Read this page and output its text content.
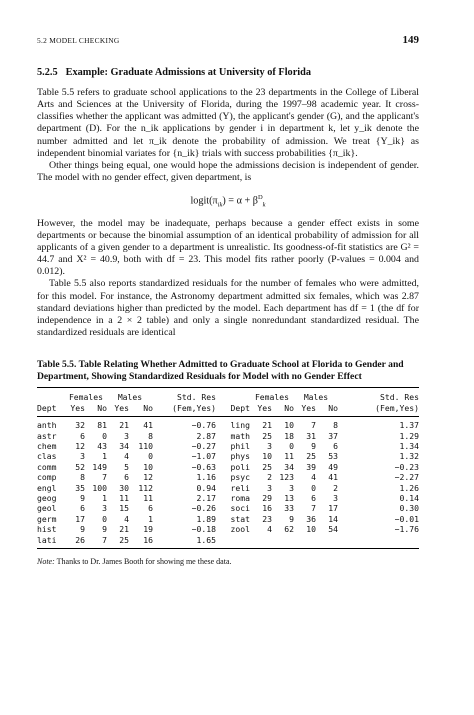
5.2 MODEL CHECKING	149
5.2.5 Example: Graduate Admissions at University of Florida

Table 5.5 refers to graduate school applications to the 23 departments in the College of Liberal Arts and Sciences at the University of Florida, during the 1997–98 academic year. It cross-classifies whether the applicant was admitted (Y), the applicant's gender (G), and the applicant's department (D). For the n_ik applications by gender i in department k, let y_ik denote the number admitted and let π_ik denote the probability of admission. We treat {Y_ik} as independent binomial variates for {n_ik} trials with success probabilities {π_ik}.

Other things being equal, one would hope the admissions decision is independent of gender. The model with no gender effect, given department, is

$logit(\pi_{ik}) = \alpha + \beta^D_k$

However, the model may be inadequate, perhaps because a gender effect exists in some departments or because the binomial assumption of an identical probability of admission for all applicants of a given gender to a department is unrealistic. Its goodness-of-fit statistics are G² = 44.7 and X² = 40.9, both with df = 23. This model fits rather poorly (P-values = 0.004 and 0.012).

Table 5.5 also reports standardized residuals for the number of females who were admitted, for this model. For instance, the Astronomy department admitted six females, which was 2.87 standard deviations higher than predicted by the model. Each department has df = 1 (the df for independence in a 2 × 2 table) and only a single nonredundant standardized residual. The standardized residuals are identical

Table 5.5. Table Relating Whether Admitted to Graduate School at Florida to Gender and Department, Showing Standardized Residuals for Model with no Gender Effect
	Females		Males		Std. Res		Females		Males		Std. Res
Dept	Yes	No	Yes	No	(Fem,Yes)	Dept	Yes	No	Yes	No	(Fem,Yes)
anth	32	81	21	41	−0.76	ling	21	10	7	8	1.37
astr	6	0	3	8	2.87	math	25	18	31	37	1.29
chem	12	43	34	110	−0.27	phil	3	0	9	6	1.34
clas	3	1	4	0	−1.07	phys	10	11	25	53	1.32
comm	52	149	5	10	−0.63	poli	25	34	39	49	−0.23
comp	8	7	6	12	1.16	psyc	2	123	4	41	−2.27
engl	35	100	30	112	0.94	reli	3	3	0	2	1.26
geog	9	1	11	11	2.17	roma	29	13	6	3	0.14
geol	6	3	15	6	−0.26	soci	16	33	7	17	0.30
germ	17	0	4	1	1.89	stat	23	9	36	14	−0.01
hist	9	9	21	19	−0.18	zool	4	62	10	54	−1.76
lati	26	7	25	16	1.65						
Note: Thanks to Dr. James Booth for showing me these data.
